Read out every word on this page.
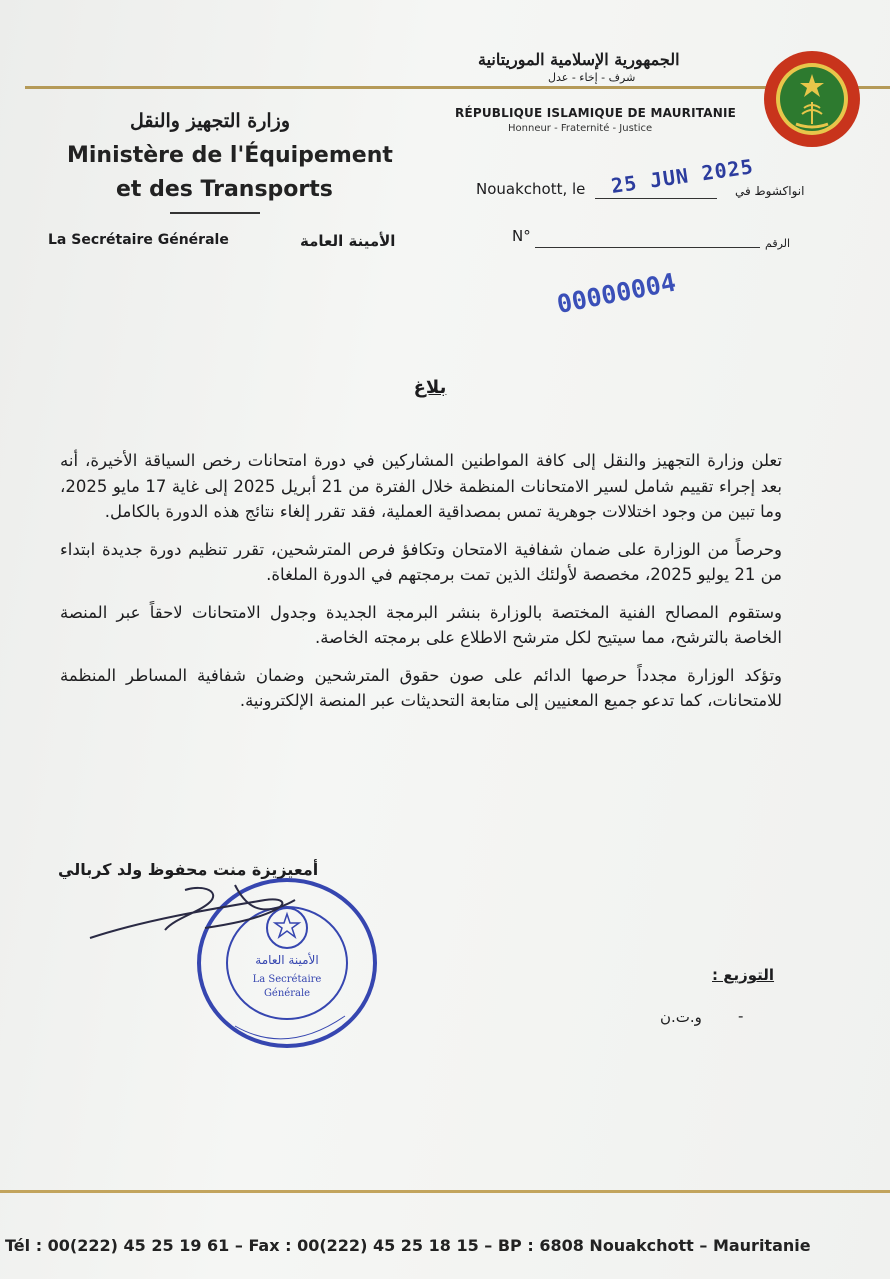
الجمهورية الإسلامية الموريتانية
شرف - إخاء - عدل
RÉPUBLIQUE ISLAMIQUE DE MAURITANIE
Honneur - Fraternité - Justice
وزارة التجهيز والنقل
Ministère de l'Équipement
et des Transports
La Secrétaire Générale	الأمينة العامة
Nouakchott, le	انواكشوط في
25 JUN 2025
N°	الرقم
00000004
بلاغ

تعلن وزارة التجهيز والنقل إلى كافة المواطنين المشاركين في دورة امتحانات رخص السياقة الأخيرة، أنه بعد إجراء تقييم شامل لسير الامتحانات المنظمة خلال الفترة من 21 أبريل 2025 إلى غاية 17 مايو 2025، وما تبين من وجود اختلالات جوهرية تمس بمصداقية العملية، فقد تقرر إلغاء نتائج هذه الدورة بالكامل.

وحرصاً من الوزارة على ضمان شفافية الامتحان وتكافؤ فرص المترشحين، تقرر تنظيم دورة جديدة ابتداء من 21 يوليو 2025، مخصصة لأولئك الذين تمت برمجتهم في الدورة الملغاة.

وستقوم المصالح الفنية المختصة بالوزارة بنشر البرمجة الجديدة وجدول الامتحانات لاحقاً عبر المنصة الخاصة بالترشح، مما سيتيح لكل مترشح الاطلاع على برمجته الخاصة.

وتؤكد الوزارة مجدداً حرصها الدائم على صون حقوق المترشحين وضمان شفافية المساطر المنظمة للامتحانات، كما تدعو جميع المعنيين إلى متابعة التحديثات عبر المنصة الإلكترونية.

أمعيزيزة منت محفوظ ولد كربالي
الأمينة العامة
La Secrétaire
Générale
التوزيع :
و.ت.ن -
Tél : 00(222) 45 25 19 61 – Fax : 00(222) 45 25 18 15 – BP : 6808 Nouakchott – Mauritanie
